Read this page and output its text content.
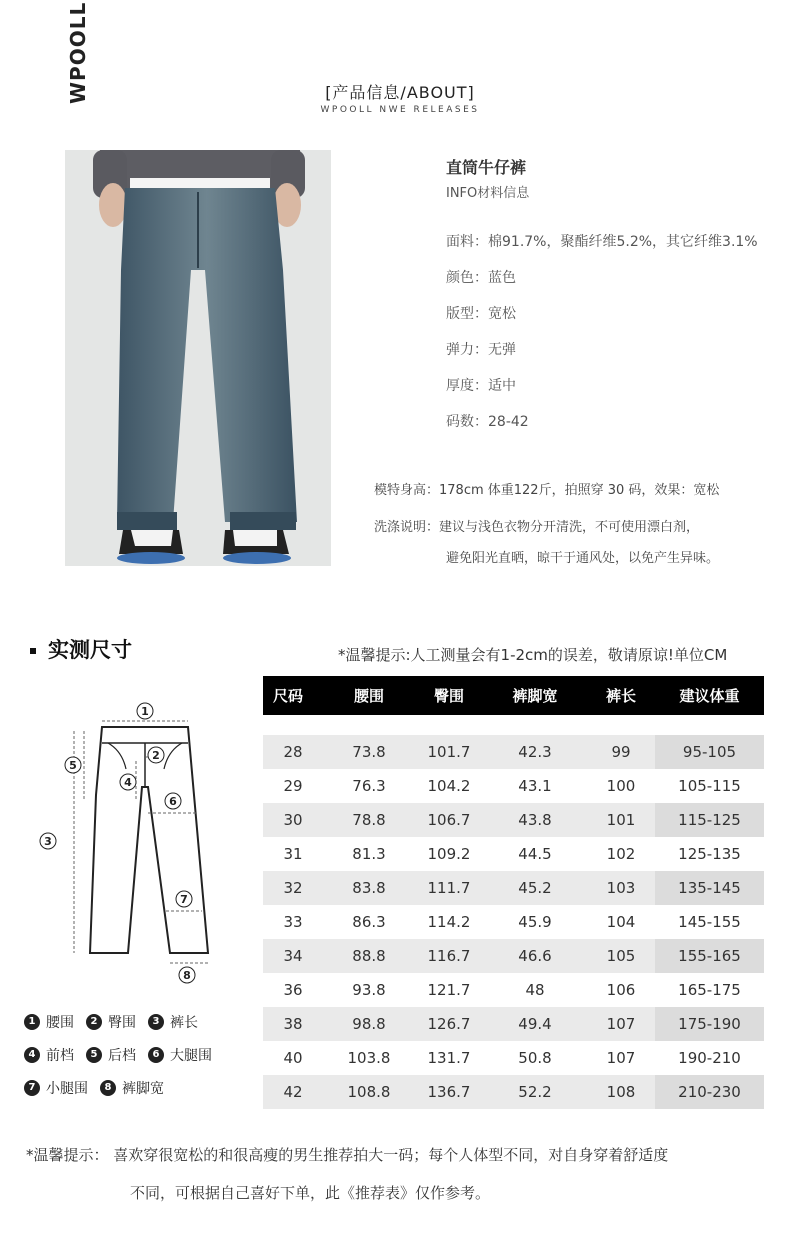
WPOOLL	[产品信息/ABOUT]
WPOOLL NWE RELEASES
直筒牛仔裤
INFO材料信息
面料 ： 棉91.7%，聚酯纤维5.2%，其它纤维3.1%
颜色 ： 蓝色
版型 ： 宽松
弹力 ： 无弹
厚度 ： 适中
码数 ： 28-42
模特身高：178cm 体重122斤，拍照穿 30 码，效果：宽松
洗涤说明：建议与浅色衣物分开清洗，不可使用漂白剂，
避免阳光直晒，晾干于通风处，以免产生异味。
实测尺寸	*温馨提示:人工测量会有1-2cm的误差，敬请原谅!单位CM
1
2
3
4
5
6
7
8
1 腰围	2 臀围	3 裤长
4 前档	5 后档	6 大腿围
7 小腿围	8 裤脚宽
尺码	腰围	臀围	裤脚宽	裤长	建议体重

28	73.8	101.7	42.3	99	95-105
29	76.3	104.2	43.1	100	105-115
30	78.8	106.7	43.8	101	115-125
31	81.3	109.2	44.5	102	125-135
32	83.8	111.7	45.2	103	135-145
33	86.3	114.2	45.9	104	145-155
34	88.8	116.7	46.6	105	155-165
36	93.8	121.7	48	106	165-175
38	98.8	126.7	49.4	107	175-190
40	103.8	131.7	50.8	107	190-210
42	108.8	136.7	52.2	108	210-230
*温馨提示： 喜欢穿很宽松的和很高瘦的男生推荐拍大一码；每个人体型不同，对自身穿着舒适度
不同，可根据自己喜好下单，此《推荐表》仅作参考。
